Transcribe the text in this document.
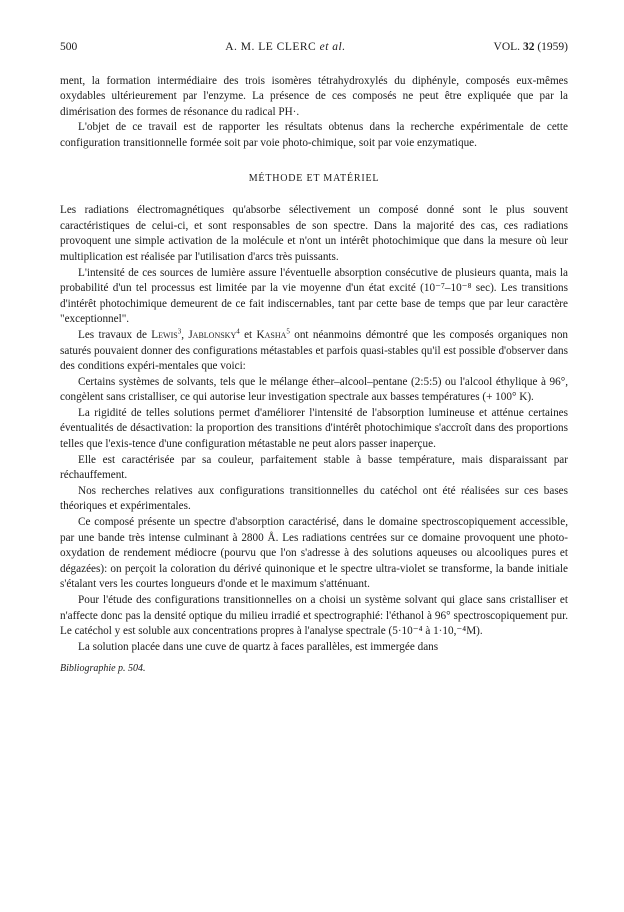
500	A. M. LE CLERC et al.	VOL. 32 (1959)

ment, la formation intermédiaire des trois isomères tétrahydroxylés du diphényle, composés eux-mêmes oxydables ultérieurement par l'enzyme. La présence de ces composés ne peut être expliquée que par la dimérisation des formes de résonance du radical PH·.

L'objet de ce travail est de rapporter les résultats obtenus dans la recherche expérimentale de cette configuration transitionnelle formée soit par voie photo-chimique, soit par voie enzymatique.

MÉTHODE ET MATÉRIEL

Les radiations électromagnétiques qu'absorbe sélectivement un composé donné sont le plus souvent caractéristiques de celui-ci, et sont responsables de son spectre. Dans la majorité des cas, ces radiations provoquent une simple activation de la molécule et n'ont un intérêt photochimique que dans la mesure où leur multiplication est réalisée par l'utilisation d'arcs très puissants.

L'intensité de ces sources de lumière assure l'éventuelle absorption consécutive de plusieurs quanta, mais la probabilité d'un tel processus est limitée par la vie moyenne d'un état excité (10⁻⁷–10⁻⁸ sec). Les transitions d'intérêt photochimique demeurent de ce fait indiscernables, tant par cette base de temps que par leur caractère "exceptionnel".

Les travaux de Lewis$^3$, Jablonsky$^4$ et Kasha$^5$ ont néanmoins démontré que les composés organiques non saturés pouvaient donner des configurations métastables et parfois quasi-stables qu'il est possible d'observer dans des conditions expéri-mentales que voici:

Certains systèmes de solvants, tels que le mélange éther–alcool–pentane (2:5:5) ou l'alcool éthylique à 96°, congèlent sans cristalliser, ce qui autorise leur investigation spectrale aux basses températures (+ 100° K).

La rigidité de telles solutions permet d'améliorer l'intensité de l'absorption lumineuse et atténue certaines éventualités de désactivation: la proportion des transitions d'intérêt photochimique s'accroît dans des proportions telles que l'exis-tence d'une configuration métastable ne peut alors passer inaperçue.

Elle est caractérisée par sa couleur, parfaitement stable à basse température, mais disparaissant par réchauffement.

Nos recherches relatives aux configurations transitionnelles du catéchol ont été réalisées sur ces bases théoriques et expérimentales.

Ce composé présente un spectre d'absorption caractérisé, dans le domaine spectroscopiquement accessible, par une bande très intense culminant à 2800 Å. Les radiations centrées sur ce domaine provoquent une photo-oxydation de rendement médiocre (pourvu que l'on s'adresse à des solutions aqueuses ou alcooliques pures et dégazées): on perçoit la coloration du dérivé quinonique et le spectre ultra-violet se transforme, la bande initiale s'étalant vers les courtes longueurs d'onde et le maximum s'atténuant.

Pour l'étude des configurations transitionnelles on a choisi un système solvant qui glace sans cristalliser et n'affecte donc pas la densité optique du milieu irradié et spectrographié: l'éthanol à 96° spectroscopiquement pur. Le catéchol y est soluble aux concentrations propres à l'analyse spectrale (5·10⁻⁴ à 1·10,⁻⁴M).

La solution placée dans une cuve de quartz à faces parallèles, est immergée dans

Bibliographie p. 504.
